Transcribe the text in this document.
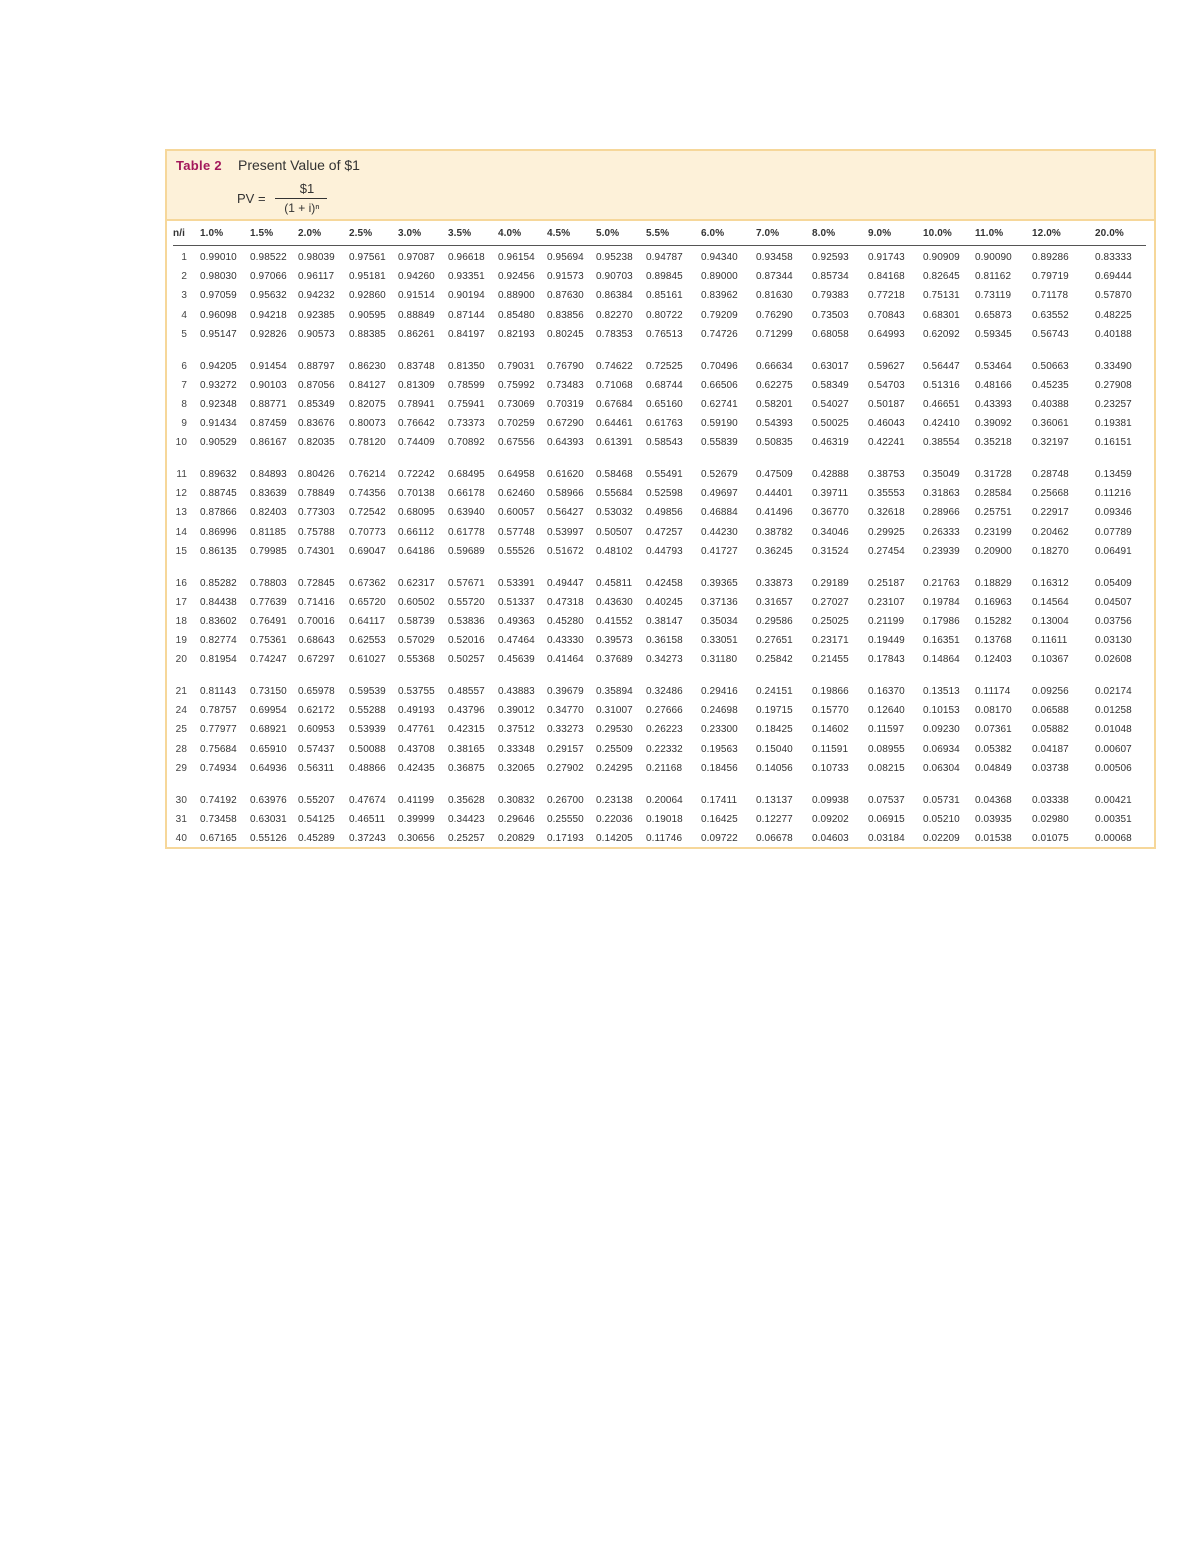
Table 2 Present Value of $1
PV =
$1
(1 + i)ⁿ
n/i 1.0%	1.5% 2.0%	2.5%	3.0%	3.5%	4.0%	4.5%	5.0%	5.5%	6.0%	7.0%	8.0%	9.0%	10.0% 11.0%	12.0%	20.0%
1 0.99010 0.98522 0.98039 0.97561 0.97087 0.96618 0.96154 0.95694 0.95238 0.94787 0.94340 0.93458 0.92593 0.91743 0.90909 0.90090 0.89286	0.83333
2 0.98030 0.97066 0.96117 0.95181 0.94260 0.93351 0.92456 0.91573 0.90703 0.89845 0.89000 0.87344 0.85734 0.84168 0.82645 0.81162 0.79719	0.69444
3 0.97059 0.95632 0.94232 0.92860 0.91514 0.90194 0.88900 0.87630 0.86384 0.85161 0.83962 0.81630 0.79383 0.77218 0.75131 0.73119 0.71178	0.57870
4 0.96098 0.94218 0.92385 0.90595 0.88849 0.87144 0.85480 0.83856 0.82270 0.80722 0.79209 0.76290 0.73503 0.70843 0.68301 0.65873 0.63552	0.48225
5 0.95147 0.92826 0.90573 0.88385 0.86261 0.84197 0.82193 0.80245 0.78353 0.76513 0.74726 0.71299 0.68058 0.64993 0.62092 0.59345 0.56743	0.40188
6 0.94205 0.91454 0.88797 0.86230 0.83748 0.81350 0.79031 0.76790 0.74622 0.72525 0.70496 0.66634 0.63017 0.59627 0.56447 0.53464 0.50663	0.33490
7 0.93272 0.90103 0.87056 0.84127 0.81309 0.78599 0.75992 0.73483 0.71068 0.68744 0.66506 0.62275 0.58349 0.54703 0.51316 0.48166 0.45235	0.27908
8 0.92348 0.88771 0.85349 0.82075 0.78941 0.75941 0.73069 0.70319 0.67684 0.65160 0.62741 0.58201 0.54027 0.50187 0.46651 0.43393 0.40388	0.23257
9 0.91434 0.87459 0.83676 0.80073 0.76642 0.73373 0.70259 0.67290 0.64461 0.61763 0.59190 0.54393 0.50025 0.46043 0.42410 0.39092 0.36061	0.19381
10 0.90529 0.86167 0.82035 0.78120 0.74409 0.70892 0.67556 0.64393 0.61391 0.58543 0.55839 0.50835 0.46319 0.42241 0.38554 0.35218 0.32197	0.16151
11 0.89632 0.84893 0.80426 0.76214 0.72242 0.68495 0.64958 0.61620 0.58468 0.55491 0.52679 0.47509 0.42888 0.38753 0.35049 0.31728 0.28748	0.13459
12 0.88745 0.83639 0.78849 0.74356 0.70138 0.66178 0.62460 0.58966 0.55684 0.52598 0.49697 0.44401 0.39711 0.35553 0.31863 0.28584 0.25668	0.11216
13 0.87866 0.82403 0.77303 0.72542 0.68095 0.63940 0.60057 0.56427 0.53032 0.49856 0.46884 0.41496 0.36770 0.32618 0.28966 0.25751 0.22917	0.09346
14 0.86996 0.81185 0.75788 0.70773 0.66112 0.61778 0.57748 0.53997 0.50507 0.47257 0.44230 0.38782 0.34046 0.29925 0.26333 0.23199 0.20462	0.07789
15 0.86135 0.79985 0.74301 0.69047 0.64186 0.59689 0.55526 0.51672 0.48102 0.44793 0.41727 0.36245 0.31524 0.27454 0.23939 0.20900 0.18270	0.06491
16 0.85282 0.78803 0.72845 0.67362 0.62317 0.57671 0.53391 0.49447 0.45811 0.42458 0.39365 0.33873 0.29189 0.25187 0.21763 0.18829 0.16312	0.05409
17 0.84438 0.77639 0.71416 0.65720 0.60502 0.55720 0.51337 0.47318 0.43630 0.40245 0.37136 0.31657 0.27027 0.23107 0.19784 0.16963 0.14564	0.04507
18 0.83602 0.76491 0.70016 0.64117 0.58739 0.53836 0.49363 0.45280 0.41552 0.38147 0.35034 0.29586 0.25025 0.21199 0.17986 0.15282 0.13004	0.03756
19 0.82774 0.75361 0.68643 0.62553 0.57029 0.52016 0.47464 0.43330 0.39573 0.36158 0.33051 0.27651 0.23171 0.19449 0.16351 0.13768 0.11611	0.03130
20 0.81954 0.74247 0.67297 0.61027 0.55368 0.50257 0.45639 0.41464 0.37689 0.34273 0.31180 0.25842 0.21455 0.17843 0.14864 0.12403 0.10367	0.02608
21 0.81143 0.73150 0.65978 0.59539 0.53755 0.48557 0.43883 0.39679 0.35894 0.32486 0.29416 0.24151 0.19866 0.16370 0.13513 0.11174 0.09256	0.02174
24 0.78757 0.69954 0.62172 0.55288 0.49193 0.43796 0.39012 0.34770 0.31007 0.27666 0.24698 0.19715 0.15770 0.12640 0.10153 0.08170 0.06588	0.01258
25 0.77977 0.68921 0.60953 0.53939 0.47761 0.42315 0.37512 0.33273 0.29530 0.26223 0.23300 0.18425 0.14602 0.11597 0.09230 0.07361 0.05882	0.01048
28 0.75684 0.65910 0.57437 0.50088 0.43708 0.38165 0.33348 0.29157 0.25509 0.22332 0.19563 0.15040 0.11591 0.08955 0.06934 0.05382 0.04187	0.00607
29 0.74934 0.64936 0.56311 0.48866 0.42435 0.36875 0.32065 0.27902 0.24295 0.21168 0.18456 0.14056 0.10733 0.08215 0.06304 0.04849 0.03738	0.00506
30 0.74192 0.63976 0.55207 0.47674 0.41199 0.35628 0.30832 0.26700 0.23138 0.20064 0.17411 0.13137 0.09938 0.07537 0.05731 0.04368 0.03338	0.00421
31 0.73458 0.63031 0.54125 0.46511 0.39999 0.34423 0.29646 0.25550 0.22036 0.19018 0.16425 0.12277 0.09202 0.06915 0.05210 0.03935 0.02980	0.00351
40 0.67165 0.55126 0.45289 0.37243 0.30656 0.25257 0.20829 0.17193 0.14205 0.11746 0.09722 0.06678 0.04603 0.03184 0.02209 0.01538 0.01075	0.00068
